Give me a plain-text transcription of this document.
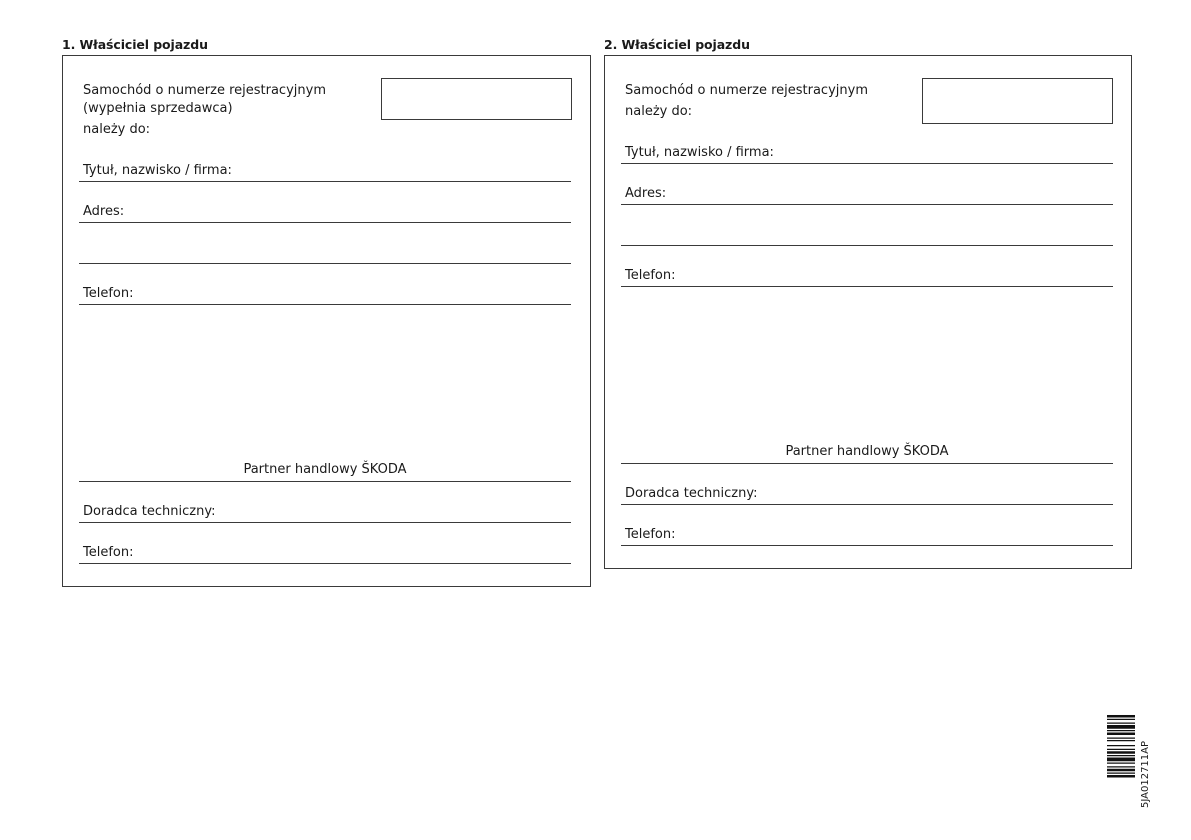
1. Właściciel pojazdu
Samochód o numerze rejestracyjnym
(wypełnia sprzedawca)
należy do:
Tytuł, nazwisko / firma:
Adres:
Telefon:
Partner handlowy ŠKODA
Doradca techniczny:
Telefon:
2. Właściciel pojazdu
Samochód o numerze rejestracyjnym
należy do:
Tytuł, nazwisko / firma:
Adres:
Telefon:
Partner handlowy ŠKODA
Doradca techniczny:
Telefon:
5JA012711AP
